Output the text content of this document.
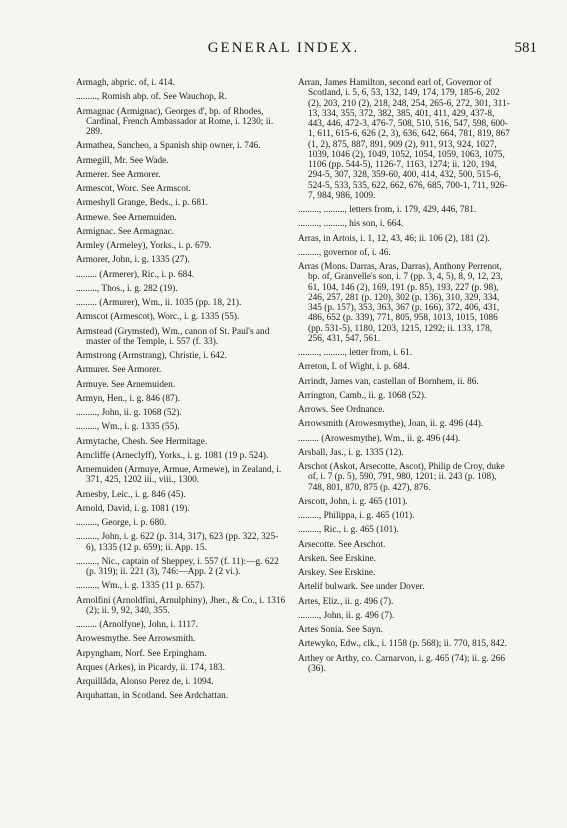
GENERAL INDEX.	581

Armagh, abpric. of, i. 414.

........., Romish abp. of. See Wauchop, R.

Armagnac (Armignac), Georges d', bp. of Rhodes, Cardinal, French Ambassador at Rome, i. 1230; ii. 289.

Armathea, Sancheo, a Spanish ship owner, i. 746.

Armegill, Mr. See Wade.

Armerer. See Armorer.

Armescot, Worc. See Armscot.

Armeshyll Grange, Beds., i. p. 681.

Armewe. See Arnemuiden.

Armignac. See Armagnac.

Armley (Armeley), Yorks., i. p. 679.

Armorer, John, i. g. 1335 (27).

......... (Armerer), Ric., i. p. 684.

........., Thos., i. g. 282 (19).

......... (Armurer), Wm., ii. 1035 (pp. 18, 21).

Armscot (Armescot), Worc., i. g. 1335 (55).

Armstead (Grymsted), Wm., canon of St. Paul's and master of the Temple, i. 557 (f. 33).

Armstrong (Armstrang), Christie, i. 642.

Armurer. See Armorer.

Armuye. See Arnemuiden.

Armyn, Hen., i. g. 846 (87).

........., John, ii. g. 1068 (52).

........., Wm., i. g. 1335 (55).

Armytache, Chesh. See Hermitage.

Arncliffe (Arneclyff), Yorks., i. g. 1081 (19 p. 524).

Arnemuiden (Armuye, Armue, Armewe), in Zealand, i. 371, 425, 1202 iii., viii., 1300.

Arnesby, Leic., i. g. 846 (45).

Arnold, David, i. g. 1081 (19).

........., George, i. p. 680.

........., John, i. g. 622 (p. 314, 317), 623 (pp. 322, 325-6), 1335 (12 p. 659); ii. App. 15.

........., Nic., captain of Sheppey, i. 557 (f. 11):—g. 622 (p. 319); ii. 221 (3), 746:—App. 2 (2 vi.).

........., Wm., i. g. 1335 (11 p. 657).

Arnolfini (Arnoldfini, Arnulphiny), Jher., & Co., i. 1316 (2); ii. 9, 92, 340, 355.

......... (Arnolfyne), John, i. 1117.

Arowesmythe. See Arrowsmith.

Arpyngham, Norf. See Erpingham.

Arques (Arkes), in Picardy, ii. 174, 183.

Arquillâda, Alonso Perez de, i. 1094.

Arquhattan, in Scotland. See Ardchattan.

Arran, James Hamilton, second earl of, Governor of Scotland, i. 5, 6, 53, 132, 149, 174, 179, 185-6, 202 (2), 203, 210 (2), 218, 248, 254, 265-6, 272, 301, 311-13, 334, 355, 372, 382, 385, 401, 411, 429, 437-8, 443, 446, 472-3, 476-7, 508, 510, 516, 547, 598, 600-1, 611, 615-6, 626 (2, 3), 636, 642, 664, 781, 819, 867 (1, 2), 875, 887, 891, 909 (2), 911, 913, 924, 1027, 1039, 1046 (2), 1049, 1052, 1054, 1059, 1063, 1075, 1106 (pp. 544-5), 1126-7, 1163, 1274; ii. 120, 194, 294-5, 307, 328, 359-60, 400, 414, 432, 500, 515-6, 524-5, 533, 535, 622, 662, 676, 685, 700-1, 711, 926-7, 984, 986, 1009.

........., ........., letters from, i. 179, 429, 446, 781.

........., ........., his son, i. 664.

Arras, in Artois, i. 1, 12, 43, 46; ii. 106 (2), 181 (2).

........., governor of, i. 46.

Arras (Mons. Darras, Aras, Darras), Anthony Perrenot, bp. of, Granvelle's son, i. 7 (pp. 3, 4, 5), 8, 9, 12, 23, 61, 104, 146 (2), 169, 191 (p. 85), 193, 227 (p. 98), 246, 257, 281 (p. 120), 302 (p. 136), 310, 329, 334, 345 (p. 157), 353, 363, 367 (p. 166), 372, 406, 431, 486, 652 (p. 339), 771, 805, 958, 1013, 1015, 1086 (pp. 531-5), 1180, 1203, 1215, 1292; ii. 133, 178, 256, 431, 547, 561.

........., ........., letter from, i. 61.

Arreton, I. of Wight, i. p. 684.

Arrindt, James van, castellan of Bornhem, ii. 86.

Arrington, Camb., ii. g. 1068 (52).

Arrows. See Ordnance.

Arrowsmith (Arowesmythe), Joan, ii. g. 496 (44).

......... (Arowesmythe), Wm., ii. g. 496 (44).

Arsball, Jas., i. g. 1335 (12).

Arschot (Askot, Arsecotte, Ascot), Philip de Croy, duke of, i. 7 (p. 5), 590, 791, 980, 1201; ii. 243 (p. 108), 748, 801, 870, 875 (p. 427), 876.

Arscott, John, i. g. 465 (101).

........., Philippa, i. g. 465 (101).

........., Ric., i. g. 465 (101).

Arsecotte. See Arschot.

Arsken. See Erskine.

Arskey. See Erskine.

Artelif bulwark. See under Dover.

Artes, Eliz., ii. g. 496 (7).

........., John, ii. g. 496 (7).

Artes Sonia. See Sayn.

Artewyko, Edw., clk., i. 1158 (p. 568); ii. 770, 815, 842.

Arthey or Arthy, co. Carnarvon, i. g. 465 (74); ii. g. 266 (36).
